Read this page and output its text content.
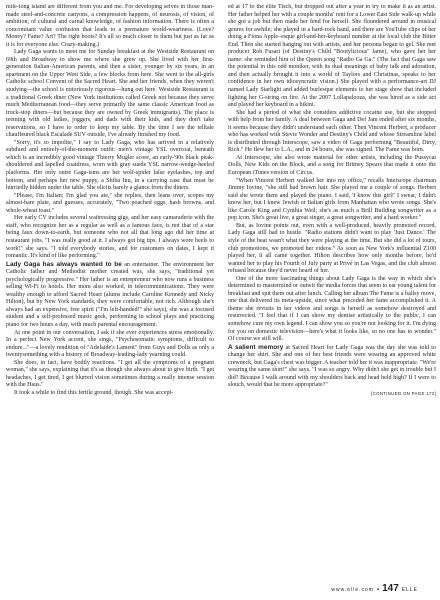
mile-long island are different from you and me. For developing selves in those man-made steel-and-concrete canyons, a compression happens, of neurosis, of vision, of ambition, of cultural and carnal knowledge, of fashion information. There is often a concomitant value confusion that leads to a premature world-weariness. (Love? Money? Fame? Art? The right boots? It's all so much closer to them but just as far as it is for everyone else. Crazy-making.)

Lady Gaga wants to meet me for Sunday breakfast at the Westside Restaurant on 69th and Broadway to show me where she grew up. She lived with her first-generation Italian-American parents, and then a sister, younger by six years, in an apartment on the Upper West Side, a few blocks from here. She went to the all-girls Catholic school Convent of the Sacred Heart. She and her friends, when they weren't studying—the school is notoriously rigorous—hung out here. Westside Restaurant is a traditional Greek diner (New York institutions called Greek not because they serve much Mediterranean food—they serve primarily the same classic American food as truck-stop diners—but because they are owned by Greek immigrants). The place is teeming with old ladies, joggers, and dads with their kids, and they don't take reservations, so I have to order to keep my table. By the time I see the telltale chauffeured black Escalade SUV outside, I've already finished my food.

"Sorry, it's so impolite," I say to Lady Gaga, who has arrived in a relatively subdued and entirely-of-the-moment outfit: men's vintage YSL overcoat, beneath which is an incredibly good vintage Thierry Mugler score, an early-'90s black peak-shouldered and lapelled coatdress, worn with gray suede YSL narrow-wedge-heeled platforms. Her only outré Gaga-isms are her wolf-spider false eyelashes, top and bottom, and perhaps her new puppy, a Shiba Inu, in a carrying case that must be hurriedly hidden under the table. She elicits barely a glance from the diners.

"Please, I'm Italian; I'm glad you ate," she replies, then leans over, scopes my almost-bare plate, and guesses, accurately, "Two poached eggs, hash browns, and whole-wheat toast."

Her early CV includes several waitressing gigs, and her easy camaraderie with the staff, who recognize her as a regular as well as a famous face, is not that of a star being faux down-to-earth, but someone who not all that long ago did her time at restaurant jobs. "I was really good at it. I always got big tips. I always wore heels to work!" she says. "I told everybody stories, and for customers on dates, I kept it romantic. It's kind of like performing."

Lady Gaga has always wanted to be an entertainer. The environment her Catholic father and Methodist mother created was, she says, "traditional yet psychologically progressive." Her father is an entrepreneur who now runs a business selling Wi-Fi to hotels. Her mom also worked, in telecommunications. They were wealthy enough to afford Sacred Heart (alums include Caroline Kennedy and Nicky Hilton), but by New York standards, they were comfortable, not rich. Although she's always had an expensive, free spirit ("I'm left-handed!" she says), she was a focused student and a self-professed music geek, performing in school plays and practicing piano for two hours a day, with much parental encouragement.

At one point in our conversation, I ask if she ever experiences stress emotionally. In a perfect New York accent, she sings, "Psychosomatic symptoms, difficult to endure..."—a lovely rendition of "Adelaide's Lament" from Guys and Dolls as only a twentysomething with a history of Broadway-leading-lady yearning could.

She does, in fact, have bodily reactions. "I get all the symptoms of a pregnant woman," she says, explaining that it's as though she always about to give birth. "I get headaches, I get tired, I get blurred vision sometimes during a really intense session with the Haus."

It took a while to find this fertile ground, though. She was accept-

ed at 17 to the elite Tisch, but dropped out after a year to try to make it as an artist. Her father helped her with a couple months' rent for a Lower East Side walk-up while she got a job but then made her fend for herself. She floundered around in musical genres for awhile; she played in a hard-rock band, and there are YouTube clips of her doing a Fiona Apple–esque girl-and-her-keyboard number at the local club the Bitter End. Then she started hanging out with artists, and her persona began to gel. She met producer Rob Fusari (of Destiny's Child "Bootylicious" fame), who gave her her name: she reminded him of the Queen song "Radio Ga Ga." (The fact that Gaga saw the potential in this odd moniker, with its dual meanings of baby talk and adoration, and then actually brought it into a world of Taylors and Christinas, speaks to her confidence in her own idiosyncratic vision.) She played with a performance-art DJ named Lady Starlight and added burlesque elements to her stage show that included lighting her G-string on fire. At the 2007 Lollapalooza, she was hired as a side act and played her keyboard in a bikini.

She had a period of what she considers addictive cocaine use, but she stopped with help from her family. A deal between Gaga and Def Jam ended after six months, it seems because they didn't understand each other. Then Vincent Herbert, a producer who has worked with Stevie Wonder and Destiny's Child and whose Streamline label is distributed through Interscope, saw a video of Gaga performing "Beautiful, Dirty, Rich." He flew her to L.A., and in 24 hours, she was signed. The Fame was born.

At Interscope, she also wrote material for other artists, including the Pussycat Dolls, New Kids on the Block, and a song for Britney Spears that made it onto the European iTunes version of Circus.

"When Vincent Herbert walked her into my office," recalls Interscope chairman Jimmy Iovine, "she still had brown hair. She played me a couple of songs. Herbert said she wrote them and played the piano. I said, 'I know this girl!' I swear, I didn't know her, but I knew Jewish or Italian girls from Manhattan who wrote songs. She's like Carole King and Cynthia Weil; she's as much a Brill Building songwriter as a pop icon. She's great live, a great singer, a great songwriter, and a hard worker."

But, as Iovine points out, even with a well-produced, heavily promoted record, Lady Gaga still had to hustle. "Radio stations didn't want to play 'Just Dance.' The style of the beat wasn't what they were playing at the time. But she did a lot of tours, club promotions, we promoted her videos." As soon as New York's influential Z100 played her, it all came together. Hilton describes how only months before, he'd wanted her to play his Fourth of July party at Privé in Las Vegas, and the club almost refused because they'd never heard of her.

One of the more fascinating things about Lady Gaga is the way in which she's determined to mastermind or outwit the media forces that seem to eat young talent for breakfast and spit them out after lunch. Calling her album The Fame is a ballsy move, one that delivered its meta-upside, since what preceded her fame accomplished it. A theme she revisits in her videos and songs is herself as somehow destroyed and resurrected. "I feel that if I can show my demise artistically to the public, I can somehow cure my own legend. I can show you so you're not looking for it. I'm dying for you on domestic television—here's what it looks like, so no one has to wonder." Of course we still will.

A salient memory at Sacred Heart for Lady Gaga was the day she was told to change her shirt. She and one of her best friends were wearing an approved white crewneck, but Gaga's chest was bigger. A teacher told her it was inappropriate. "We're wearing the same shirt!" she says. "I was so angry. Why didn't she get in trouble but I did? Because I walk around with my shoulders back and head held high? If I were to slouch, would that be more appropriate?"

[CONTINUED ON PAGE 172]

www.elle.com ▪ 147 ELLE
